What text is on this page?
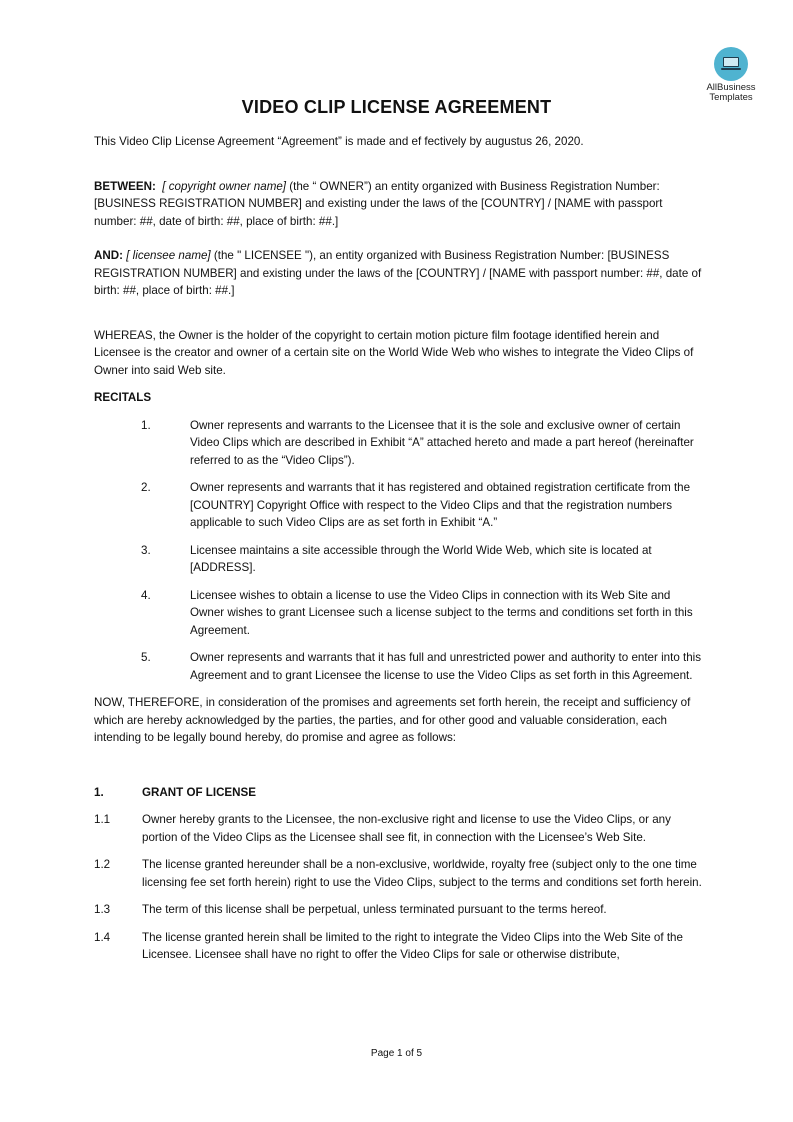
AllBusiness
Templates
VIDEO CLIP LICENSE AGREEMENT

This Video Clip License Agreement “Agreement” is made and ef fectively by augustus 26, 2020.

BETWEEN: [ copyright owner name] (the “ OWNER”) an entity organized with Business Registration Number: [BUSINESS REGISTRATION NUMBER] and existing under the laws of the [COUNTRY] / [NAME with passport number: ##, date of birth: ##, place of birth: ##.]

AND: [ licensee name] (the " LICENSEE "), an entity organized with Business Registration Number: [BUSINESS REGISTRATION NUMBER] and existing under the laws of the [COUNTRY] / [NAME with passport number: ##, date of birth: ##, place of birth: ##.]

WHEREAS, the Owner is the holder of the copyright to certain motion picture film footage identified herein and Licensee is the creator and owner of a certain site on the World Wide Web who wishes to integrate the Video Clips of Owner into said Web site.

RECITALS

1.	Owner represents and warrants to the Licensee that it is the sole and exclusive owner of certain Video Clips which are described in Exhibit “A” attached hereto and made a part hereof (hereinafter referred to as the “Video Clips”).
2.	Owner represents and warrants that it has registered and obtained registration certificate from the [COUNTRY] Copyright Office with respect to the Video Clips and that the registration numbers applicable to such Video Clips are as set forth in Exhibit “A.”
3.	Licensee maintains a site accessible through the World Wide Web, which site is located at [ADDRESS].
4.	Licensee wishes to obtain a license to use the Video Clips in connection with its Web Site and Owner wishes to grant Licensee such a license subject to the terms and conditions set forth in this Agreement.
5.	Owner represents and warrants that it has full and unrestricted power and authority to enter into this Agreement and to grant Licensee the license to use the Video Clips as set forth in this Agreement.

NOW, THEREFORE, in consideration of the promises and agreements set forth herein, the receipt and sufficiency of which are hereby acknowledged by the parties, the parties, and for other good and valuable consideration, each intending to be legally bound hereby, do promise and agree as follows:

1.	GRANT OF LICENSE
1.1	Owner hereby grants to the Licensee, the non-exclusive right and license to use the Video Clips, or any portion of the Video Clips as the Licensee shall see fit, in connection with the Licensee’s Web Site.
1.2	The license granted hereunder shall be a non-exclusive, worldwide, royalty free (subject only to the one time licensing fee set forth herein) right to use the Video Clips, subject to the terms and conditions set forth herein.
1.3	The term of this license shall be perpetual, unless terminated pursuant to the terms hereof.
1.4	The license granted herein shall be limited to the right to integrate the Video Clips into the Web Site of the Licensee. Licensee shall have no right to offer the Video Clips for sale or otherwise distribute,
Page 1 of 5
